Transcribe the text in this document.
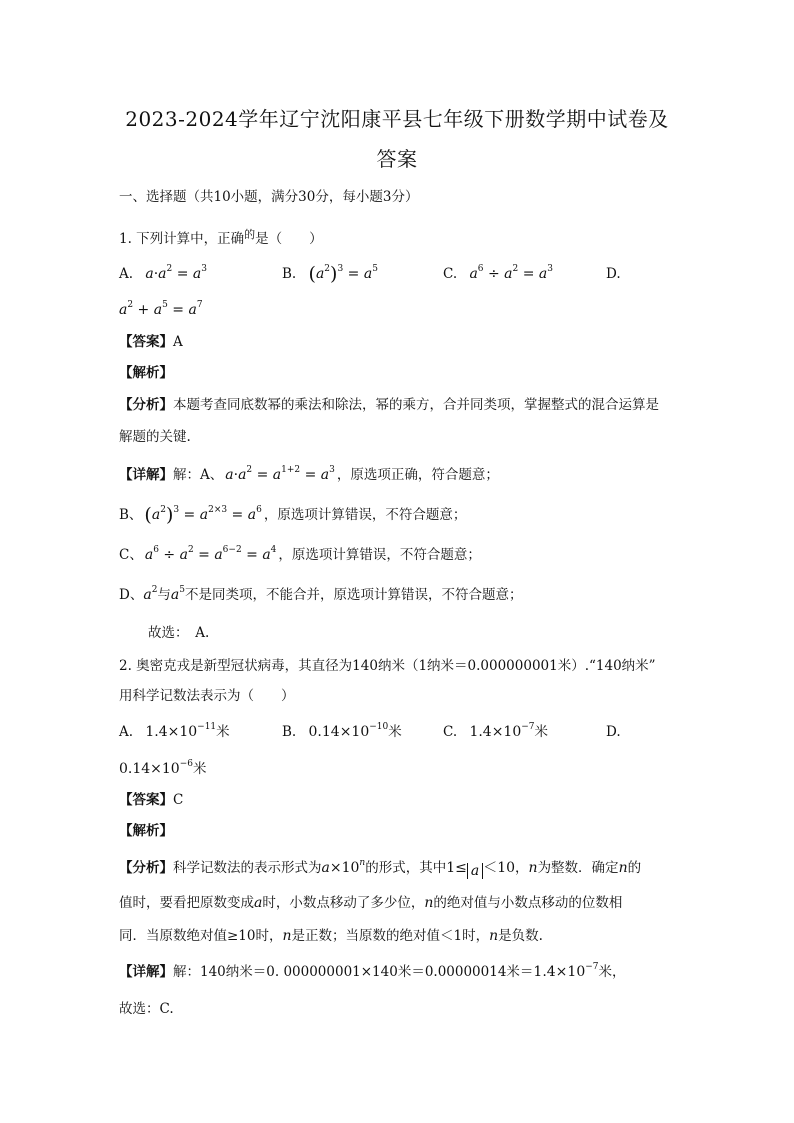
2023-2024学年辽宁沈阳康平县七年级下册数学期中试卷及
答案
一、选择题（共10小题，满分30分，每小题3分）
1. 下列计算中，正确$^的$是（　　）
A. $a\cdot a^2 = a^3$	B. $(a^2)^3 = a^5$	C. $a^6 \div a^2 = a^3$	D.
$a^2 + a^5 = a^7$
【答案】A
【解析】
【分析】本题考查同底数幂的乘法和除法，幂的乘方，合并同类项，掌握整式的混合运算是
解题的关键.
【详解】解：A、 $a\cdot a^2 = a^{1+2} = a^3$ ，原选项正确，符合题意；
B、 $(a^2)^3 = a^{2\times 3} = a^6$ ，原选项计算错误，不符合题意；
C、 $a^6 \div a^2 = a^{6-2} = a^4$ ，原选项计算错误，不符合题意；
D、$a^2$与$a^5$不是同类项，不能合并，原选项计算错误，不符合题意；
故选：　A.
2. 奥密克戎是新型冠状病毒，其直径为140纳米（1纳米＝0.000000001米）.“140纳米”
用科学记数法表示为（　　）
A. $1.4\times 10^{-11}$米	B. $0.14\times 10^{-10}$米	C. $1.4\times 10^{-7}$米	D.
$0.14\times 10^{-6}$米
【答案】C
【解析】
【分析】科学记数法的表示形式为$a\times 10^n$的形式，其中1≤ a ＜10，n为整数．确定n的
值时，要看把原数变成a时，小数点移动了多少位，n的绝对值与小数点移动的位数相
同．当原数绝对值≥10时，n是正数；当原数的绝对值＜1时，n是负数.
【详解】解：140纳米＝0. 000000001×140米＝0.00000014米$=1.4\times 10^{-7}$米，
故选：C.
